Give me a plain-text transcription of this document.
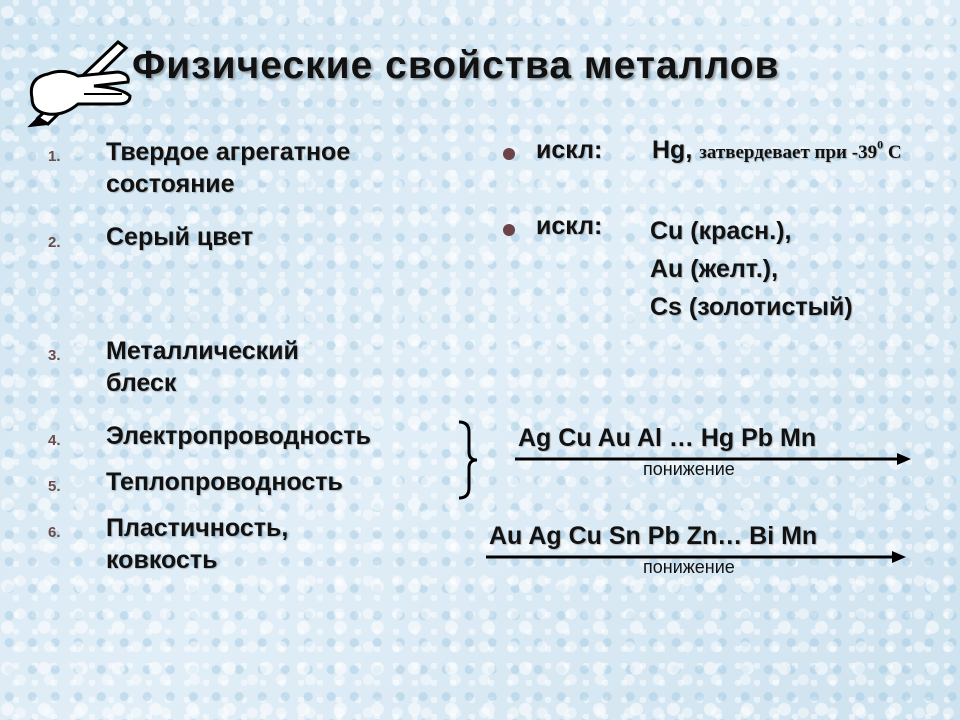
Физические свойства металлов
1. Твердое агрегатное
состояние
2. Серый цвет
3. Металлический
блеск
4. Электропроводность
5. Теплопроводность
6. Пластичность,
ковкость
искл: Hg, затвердевает при -39$^0$ C
искл: Cu (красн.),
Au (желт.),
Cs (золотистый)
Ag Cu Au Al … Hg Pb Mn
понижение
Au Ag Cu Sn Pb Zn… Bi Mn
понижение
